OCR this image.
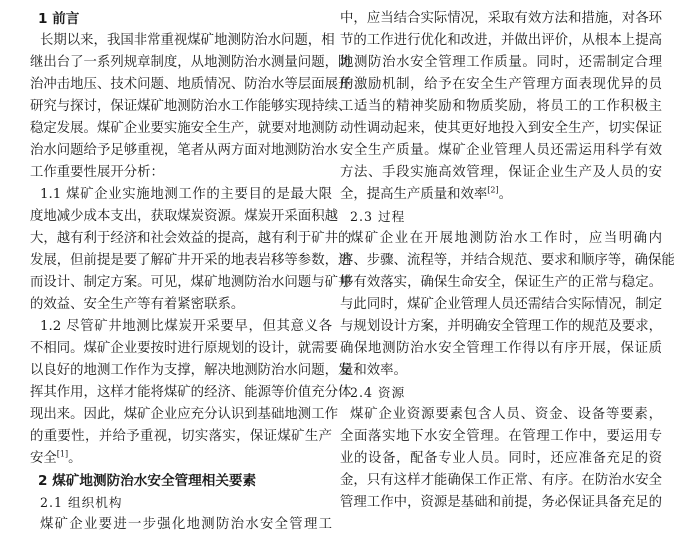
1 前言
长期以来，我国非常重视煤矿地测防治水问题，相
继出台了一系列规章制度，从地测防治水测量问题，防
治冲击地压、技术问题、地质情况、防治水等层面展开
研究与探讨，保证煤矿地测防治水工作能够实现持续、
稳定发展。煤矿企业要实施安全生产，就要对地测防
治水问题给予足够重视，笔者从两方面对地测防治水
工作重要性展开分析：
1.1 煤矿企业实施地测工作的主要目的是最大限
度地减少成本支出，获取煤炭资源。煤炭开采面积越
大，越有利于经济和社会效益的提高，越有利于矿井的
发展，但前提是要了解矿井开采的地表岩移等参数，进
而设计、制定方案。可见，煤矿地测防治水问题与矿井
的效益、安全生产等有着紧密联系。
1.2 尽管矿井地测比煤炭开采要早，但其意义各
不相同。煤矿企业要按时进行原规划的设计，就需要
以良好的地测工作作为支撑，解决地测防治水问题，发
挥其作用，这样才能将煤矿的经济、能源等价值充分体
现出来。因此，煤矿企业应充分认识到基础地测工作
的重要性，并给予重视，切实落实，保证煤矿生产
安全[1]。
2 煤矿地测防治水安全管理相关要素
2.1 组织机构
煤矿企业要进一步强化地测防治水安全管理工
中，应当结合实际情况，采取有效方法和措施，对各环
节的工作进行优化和改进，并做出评价，从根本上提高
地测防治水安全管理工作质量。同时，还需制定合理
的激励机制，给予在安全生产管理方面表现优异的员
工适当的精神奖励和物质奖励，将员工的工作积极主
动性调动起来，使其更好地投入到安全生产，切实保证
安全生产质量。煤矿企业管理人员还需运用科学有效
方法、手段实施高效管理，保证企业生产及人员的安
全，提高生产质量和效率[2]。
2.3 过程
煤矿企业在开展地测防治水工作时，应当明确内
容、步骤、流程等，并结合规范、要求和顺序等，确保能
够有效落实，确保生命安全，保证生产的正常与稳定。
与此同时，煤矿企业管理人员还需结合实际情况，制定
与规划设计方案，并明确安全管理工作的规范及要求，
确保地测防治水安全管理工作得以有序开展，保证质
量和效率。
2.4 资源
煤矿企业资源要素包含人员、资金、设备等要素，
全面落实地下水安全管理。在管理工作中，要运用专
业的设备，配备专业人员。同时，还应准备充足的资
金，只有这样才能确保工作正常、有序。在防治水安全
管理工作中，资源是基础和前提，务必保证具备充足的
